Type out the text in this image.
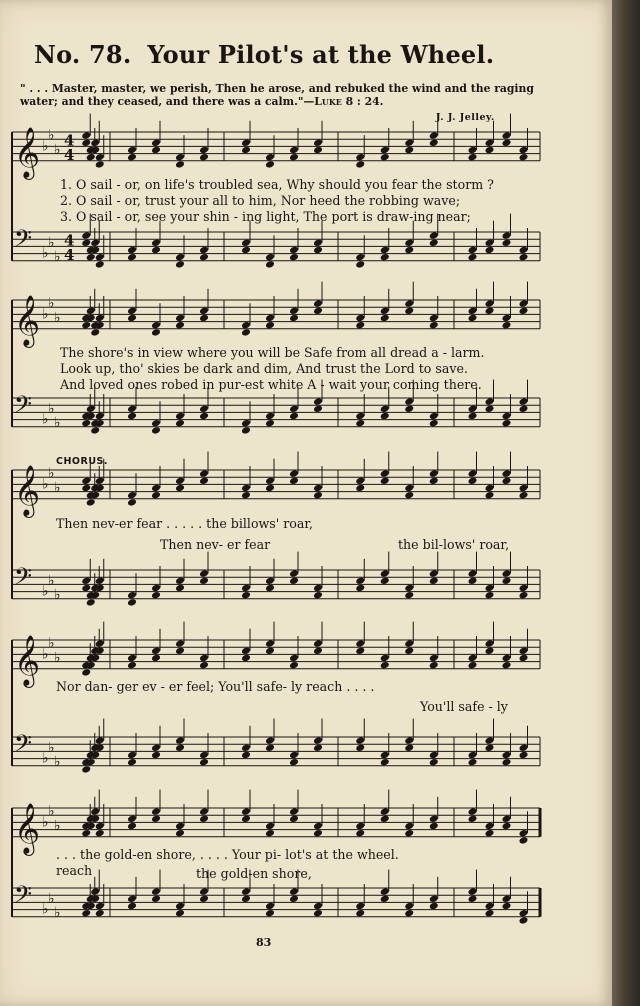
No. 78. Your Pilot's at the Wheel.
" . . . Master, master, we perish, Then he arose, and rebuked the wind and the raging water; and they ceased, and there was a calm."—Luke 8 : 24.
J. J. Jelley.
𝄞 ♭
♭
♭
4
4
𝄢 ♭
♭
♭
4
4
𝄞 ♭
♭
♭
𝄢 ♭
♭
♭
𝄞 ♭
♭
♭
𝄢 ♭
♭
♭
𝄞 ♭
♭
♭
𝄢 ♭
♭
♭
𝄞 ♭
♭
♭
𝄢 ♭
♭
♭
1. O sail - or, on life's troubled sea, Why should you fear the storm ?
2. O sail - or, trust your all to him, Nor heed the robbing wave;
3. O sail - or, see your shin - ing light, The port is draw-ing near;
The shore's in view where you will be Safe from all dread a - larm.
Look up, tho' skies be dark and dim, And trust the Lord to save.
And loved ones robed in pur-est white A - wait your coming there.
CHORUS.
Then nev-er fear . . . . . the billows' roar,
Then nev- er fear	the bil-lows' roar,
Nor dan- ger ev - er feel; You'll safe- ly reach . . . .
You'll safe - ly
. . . the gold-en shore, . . . . Your pi- lot's at the wheel.
reach	the gold-en shore,
83
